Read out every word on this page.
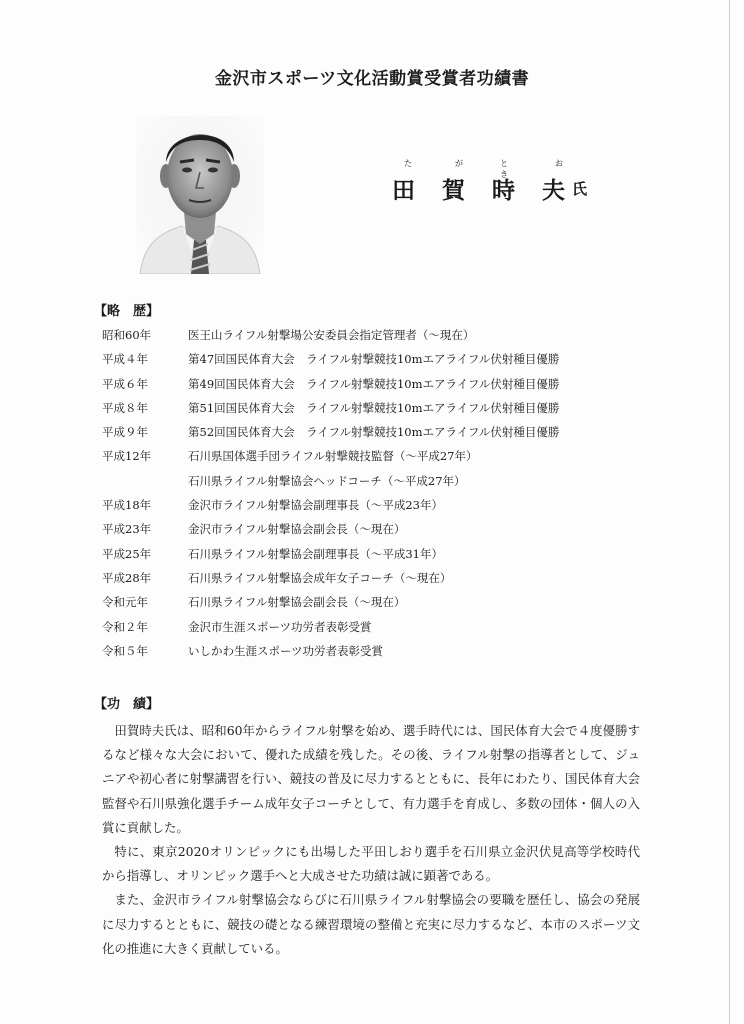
金沢市スポーツ文化活動賞受賞者功績書
た
田
が
賀
とき
時
お
夫 氏
【略　歴】
昭和60年	医王山ライフル射撃場公安委員会指定管理者（～現在）
平成４年	第47回国民体育大会　ライフル射撃競技10mエアライフル伏射種目優勝
平成６年	第49回国民体育大会　ライフル射撃競技10mエアライフル伏射種目優勝
平成８年	第51回国民体育大会　ライフル射撃競技10mエアライフル伏射種目優勝
平成９年	第52回国民体育大会　ライフル射撃競技10mエアライフル伏射種目優勝
平成12年	石川県国体選手団ライフル射撃競技監督（～平成27年）
石川県ライフル射撃協会ヘッドコーチ（～平成27年）
平成18年	金沢市ライフル射撃協会副理事長（～平成23年）
平成23年	金沢市ライフル射撃協会副会長（～現在）
平成25年	石川県ライフル射撃協会副理事長（～平成31年）
平成28年	石川県ライフル射撃協会成年女子コーチ（～現在）
令和元年	石川県ライフル射撃協会副会長（～現在）
令和２年	金沢市生涯スポーツ功労者表彰受賞
令和５年	いしかわ生涯スポーツ功労者表彰受賞
【功　績】

田賀時夫氏は、昭和60年からライフル射撃を始め、選手時代には、国民体育大会で４度優勝するなど様々な大会において、優れた成績を残した。その後、ライフル射撃の指導者として、ジュニアや初心者に射撃講習を行い、競技の普及に尽力するとともに、長年にわたり、国民体育大会監督や石川県強化選手チーム成年女子コーチとして、有力選手を育成し、多数の団体・個人の入賞に貢献した。

特に、東京2020オリンピックにも出場した平田しおり選手を石川県立金沢伏見高等学校時代から指導し、オリンピック選手へと大成させた功績は誠に顕著である。

また、金沢市ライフル射撃協会ならびに石川県ライフル射撃協会の要職を歴任し、協会の発展に尽力するとともに、競技の礎となる練習環境の整備と充実に尽力するなど、本市のスポーツ文化の推進に大きく貢献している。
